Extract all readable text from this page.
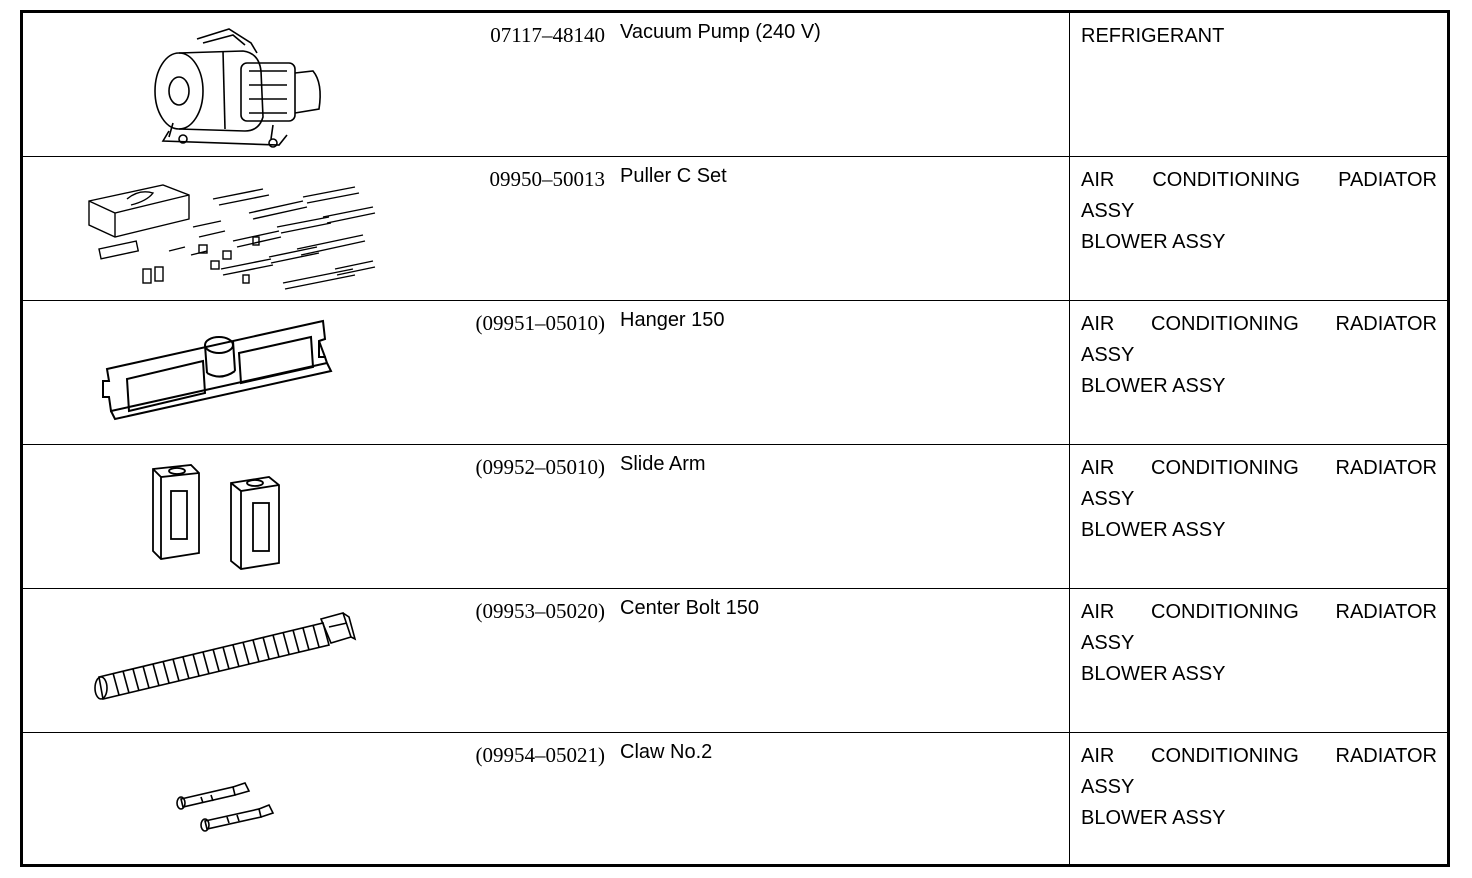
07117–48140 Vacuum Pump (240 V)	REFRIGERANT
09950–50013 Puller C Set	AIR CONDITIONING PADIATOR
ASSY
BLOWER ASSY
(09951–05010) Hanger 150	AIR CONDITIONING RADIATOR
ASSY
BLOWER ASSY
(09952–05010) Slide Arm	AIR CONDITIONING RADIATOR
ASSY
BLOWER ASSY
(09953–05020) Center Bolt 150	AIR CONDITIONING RADIATOR
ASSY
BLOWER ASSY
(09954–05021) Claw No.2	AIR CONDITIONING RADIATOR
ASSY
BLOWER ASSY
